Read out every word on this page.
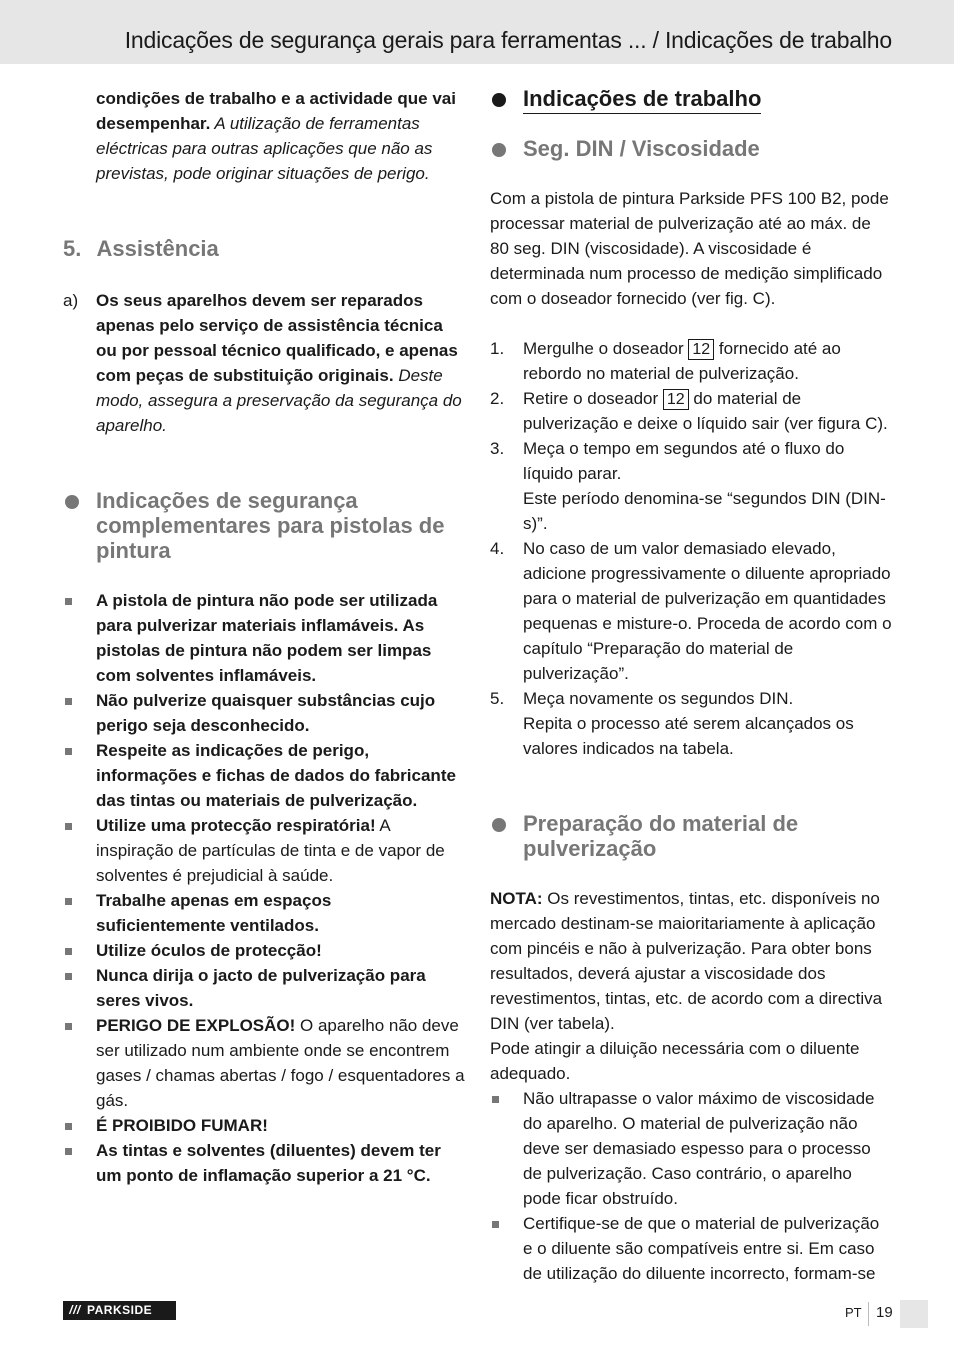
Indicações de segurança gerais para ferramentas ... / Indicações de trabalho

condições de trabalho e a actividade que vai desempenhar. A utilização de ferramentas eléctricas para outras aplicações que não as previstas, pode originar situações de perigo.

5. Assistência

a) Os seus aparelhos devem ser reparados apenas pelo serviço de assistência técnica ou por pessoal técnico qualificado, e apenas com peças de substituição originais. Deste modo, assegura a preservação da segurança do aparelho.

Indicações de segurança complementares para pistolas de pintura

A pistola de pintura não pode ser utilizada para pulverizar materiais inflamáveis. As pistolas de pintura não podem ser limpas com solventes inflamáveis.

Não pulverize quaisquer substâncias cujo perigo seja desconhecido.

Respeite as indicações de perigo, informações e fichas de dados do fabricante das tintas ou materiais de pulverização.

Utilize uma protecção respiratória! A inspiração de partículas de tinta e de vapor de solventes é prejudicial à saúde.

Trabalhe apenas em espaços suficientemente ventilados.

Utilize óculos de protecção!

Nunca dirija o jacto de pulverização para seres vivos.

PERIGO DE EXPLOSÃO! O aparelho não deve ser utilizado num ambiente onde se encontrem gases / chamas abertas / fogo / esquentadores a gás.

É PROIBIDO FUMAR!

As tintas e solventes (diluentes) devem ter um ponto de inflamação superior a 21 °C.

Indicações de trabalho
Seg. DIN / Viscosidade

Com a pistola de pintura Parkside PFS 100 B2, pode processar material de pulverização até ao máx. de 80 seg. DIN (viscosidade). A viscosidade é determinada num processo de medição simplificado com o doseador fornecido (ver fig. C).

1. Mergulhe o doseador 12 fornecido até ao rebordo no material de pulverização.

2. Retire o doseador 12 do material de pulverização e deixe o líquido sair (ver figura C).

3. Meça o tempo em segundos até o fluxo do líquido parar.
Este período denomina-se “segundos DIN (DIN-s)”.

4. No caso de um valor demasiado elevado, adicione progressivamente o diluente apropriado para o material de pulverização em quantidades pequenas e misture-o. Proceda de acordo com o capítulo “Preparação do material de pulverização”.

5. Meça novamente os segundos DIN.
Repita o processo até serem alcançados os valores indicados na tabela.

Preparação do material de pulverização

NOTA: Os revestimentos, tintas, etc. disponíveis no mercado destinam-se maioritariamente à aplicação com pincéis e não à pulverização. Para obter bons resultados, deverá ajustar a viscosidade dos revestimentos, tintas, etc. de acordo com a directiva DIN (ver tabela).

Pode atingir a diluição necessária com o diluente adequado.

Não ultrapasse o valor máximo de viscosidade do aparelho. O material de pulverização não deve ser demasiado espesso para o processo de pulverização. Caso contrário, o aparelho pode ficar obstruído.

Certifique-se de que o material de pulverização e o diluente são compatíveis entre si. Em caso de utilização do diluente incorrecto, formam-se

/// PARKSIDE	PT 19
